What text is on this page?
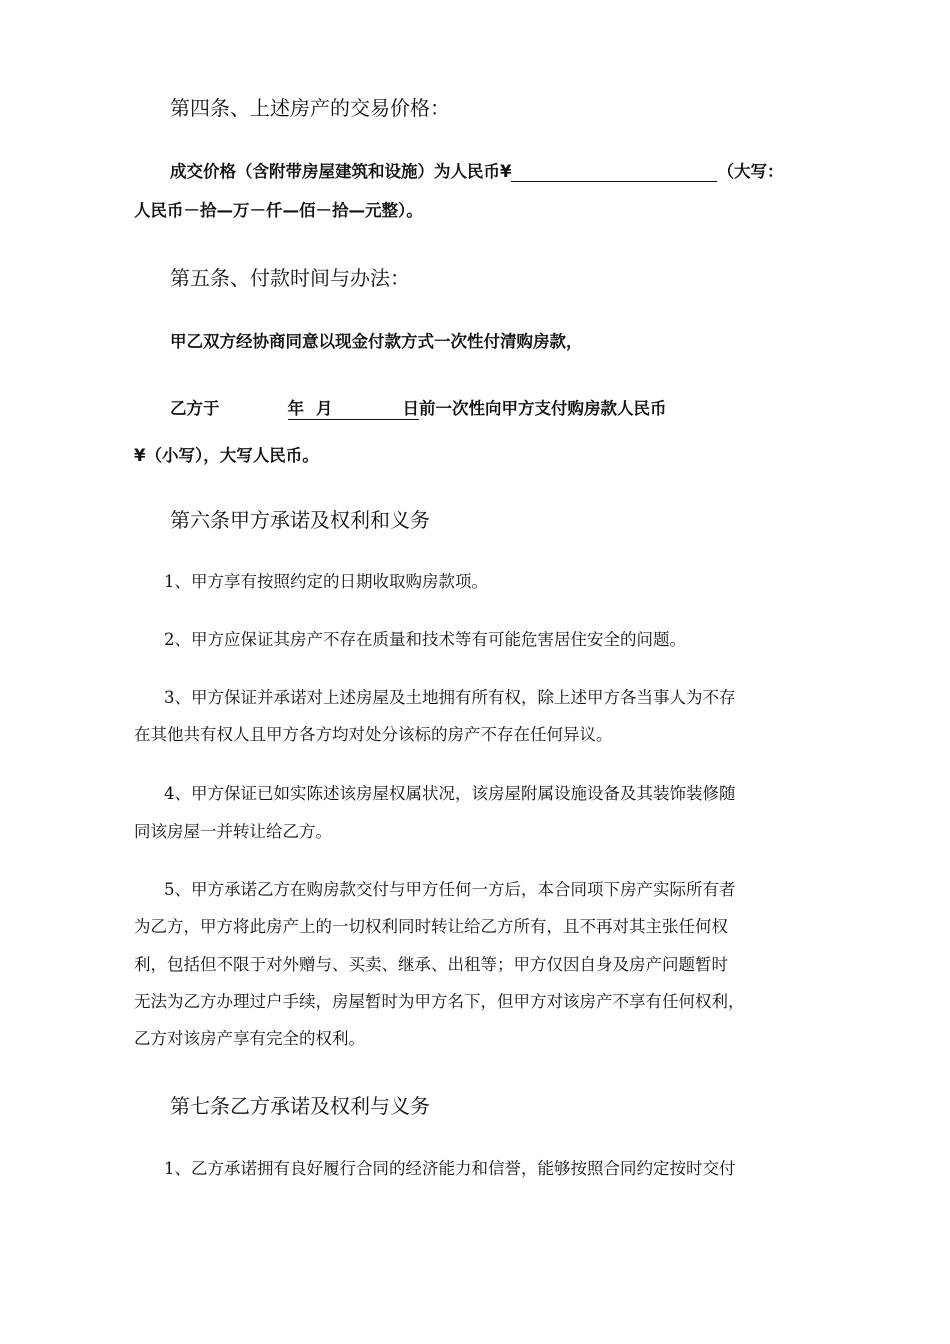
第四条、上述房产的交易价格：
成交价格（含附带房屋建筑和设施）为人民币¥	（大写：
人民币－拾—万－仟—佰－拾—元整）。
第五条、付款时间与办法：
甲乙双方经协商同意以现金付款方式一次性付清购房款，
乙方于	年 月	日前一次性向甲方支付购房款人民币
¥（小写），大写人民币。
第六条甲方承诺及权利和义务
1、甲方享有按照约定的日期收取购房款项。
2、甲方应保证其房产不存在质量和技术等有可能危害居住安全的问题。
3、甲方保证并承诺对上述房屋及土地拥有所有权，除上述甲方各当事人为不存
在其他共有权人且甲方各方均对处分该标的房产不存在任何异议。
4、甲方保证已如实陈述该房屋权属状况，该房屋附属设施设备及其装饰装修随
同该房屋一并转让给乙方。
5、甲方承诺乙方在购房款交付与甲方任何一方后，本合同项下房产实际所有者
为乙方，甲方将此房产上的一切权利同时转让给乙方所有，且不再对其主张任何权
利，包括但不限于对外赠与、买卖、继承、出租等；甲方仅因自身及房产问题暂时
无法为乙方办理过户手续，房屋暂时为甲方名下，但甲方对该房产不享有任何权利，
乙方对该房产享有完全的权利。
第七条乙方承诺及权利与义务
1、乙方承诺拥有良好履行合同的经济能力和信誉，能够按照合同约定按时交付
